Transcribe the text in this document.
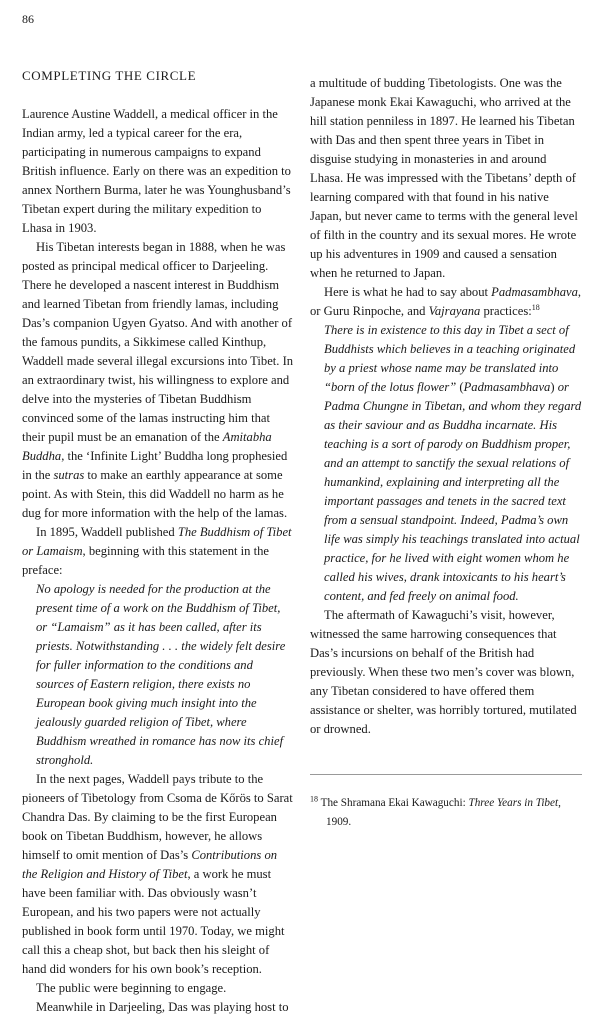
86
COMPLETING THE CIRCLE

Laurence Austine Waddell, a medical officer in the Indian army, led a typical career for the era, participating in numerous campaigns to expand British influence. Early on there was an expedition to annex Northern Burma, later he was Younghusband’s Tibetan expert during the military expedition to Lhasa in 1903.

His Tibetan interests began in 1888, when he was posted as principal medical officer to Darjeeling. There he developed a nascent interest in Buddhism and learned Tibetan from friendly lamas, including Das’s companion Ugyen Gyatso. And with another of the famous pundits, a Sikkimese called Kinthup, Waddell made several illegal excursions into Tibet. In an extraordinary twist, his willingness to explore and delve into the mysteries of Tibetan Buddhism convinced some of the lamas instructing him that their pupil must be an emanation of the Amitabha Buddha, the ‘Infinite Light’ Buddha long prophesied in the sutras to make an earthly appearance at some point. As with Stein, this did Waddell no harm as he dug for more information with the help of the lamas.

In 1895, Waddell published The Buddhism of Tibet or Lamaism, beginning with this statement in the preface:

No apology is needed for the production at the present time of a work on the Buddhism of Tibet, or “Lamaism” as it has been called, after its priests. Notwithstanding . . . the widely felt desire for fuller information to the conditions and sources of Eastern religion, there exists no European book giving much insight into the jealously guarded religion of Tibet, where Buddhism wreathed in romance has now its chief stronghold.

In the next pages, Waddell pays tribute to the pioneers of Tibetology from Csoma de Kőrös to Sarat Chandra Das. By claiming to be the first European book on Tibetan Buddhism, however, he allows himself to omit mention of Das’s Contributions on the Religion and History of Tibet, a work he must have been familiar with. Das obviously wasn’t European, and his two papers were not actually published in book form until 1970. Today, we might call this a cheap shot, but back then his sleight of hand did wonders for his own book’s reception.

The public were beginning to engage.

Meanwhile in Darjeeling, Das was playing host to

a multitude of budding Tibetologists. One was the Japanese monk Ekai Kawaguchi, who arrived at the hill station penniless in 1897. He learned his Tibetan with Das and then spent three years in Tibet in disguise studying in monasteries in and around Lhasa. He was impressed with the Tibetans’ depth of learning compared with that found in his native Japan, but never came to terms with the general level of filth in the country and its sexual mores. He wrote up his adventures in 1909 and caused a sensation when he returned to Japan.

Here is what he had to say about Padmasambhava, or Guru Rinpoche, and Vajrayana practices:$^{18}$

There is in existence to this day in Tibet a sect of Buddhists which believes in a teaching originated by a priest whose name may be translated into “born of the lotus flower” (Padmasambhava) or Padma Chungne in Tibetan, and whom they regard as their saviour and as Buddha incarnate. His teaching is a sort of parody on Buddhism proper, and an attempt to sanctify the sexual relations of humankind, explaining and interpreting all the important passages and tenets in the sacred text from a sensual standpoint. Indeed, Padma’s own life was simply his teachings translated into actual practice, for he lived with eight women whom he called his wives, drank intoxicants to his heart’s content, and fed freely on animal food.

The aftermath of Kawaguchi’s visit, however, witnessed the same harrowing consequences that Das’s incursions on behalf of the British had previously. When these two men’s cover was blown, any Tibetan considered to have offered them assistance or shelter, was horribly tortured, mutilated or drowned.

$^{18}$ The Shramana Ekai Kawaguchi: Three Years in Tibet,
1909.
